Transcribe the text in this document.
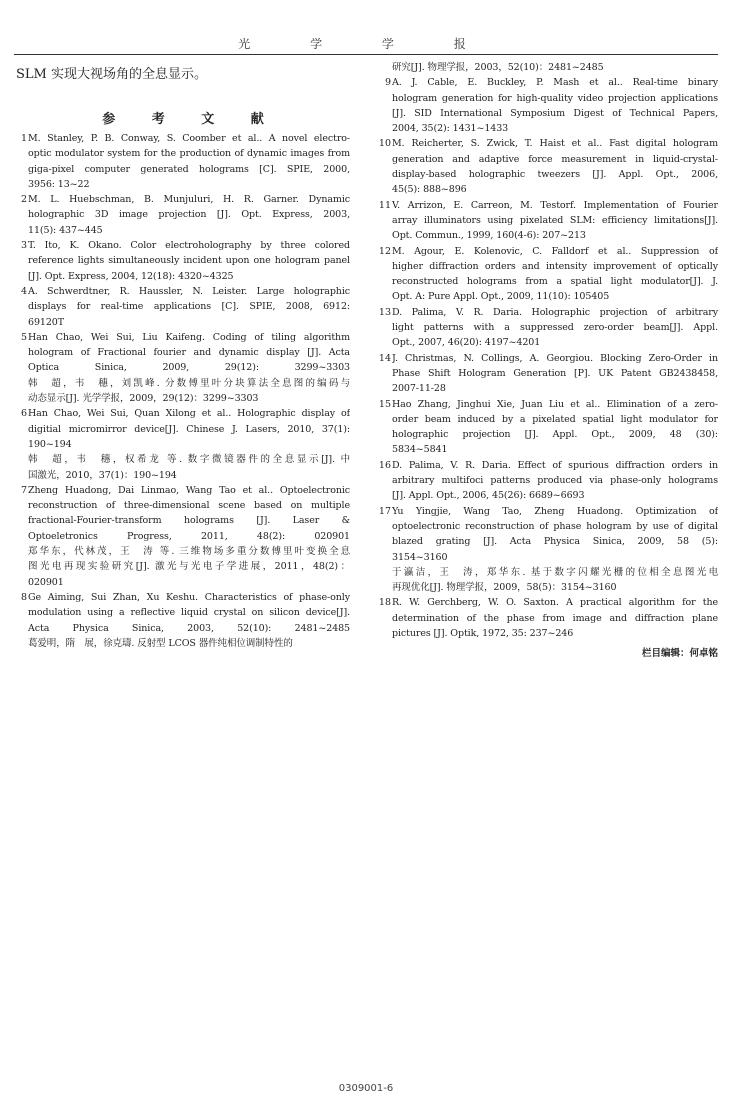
光 学 学 报
SLM 实现大视场角的全息显示。
参 考 文 献
1 M. Stanley, P. B. Conway, S. Coomber et al.. A novel electro-
optic modulator system for the production of dynamic images from
giga-pixel computer generated holograms [C]. SPIE, 2000,
3956: 13~22
2 M. L. Huebschman, B. Munjuluri, H. R. Garner. Dynamic
holographic 3D image projection [J]. Opt. Express, 2003,
11(5): 437~445
3 T. Ito, K. Okano. Color electroholography by three colored
reference lights simultaneously incident upon one hologram panel
[J]. Opt. Express, 2004, 12(18): 4320~4325
4 A. Schwerdtner, R. Haussler, N. Leister. Large holographic
displays for real-time applications [C]. SPIE, 2008, 6912:
69120T
5 Han Chao, Wei Sui, Liu Kaifeng. Coding of tiling algorithm
hologram of Fractional fourier and dynamic display [J]. Acta
Optica Sinica, 2009, 29(12): 3299~3303
韩　超，韦　穗，刘凯峰. 分数傅里叶分块算法全息图的编码与
动态显示[J]. 光学学报，2009，29(12)：3299~3303
6 Han Chao, Wei Sui, Quan Xilong et al.. Holographic display of
digitial micromirror device[J]. Chinese J. Lasers, 2010, 37(1):
190~194
韩　超，韦　穗，权希龙 等. 数字微镜器件的全息显示[J]. 中
国激光，2010，37(1)：190~194
7 Zheng Huadong, Dai Linmao, Wang Tao et al.. Optoelectronic
reconstruction of three-dimensional scene based on multiple
fractional-Fourier-transform holograms [J]. Laser &
Optoeletronics Progress, 2011, 48(2): 020901
郑华东，代林茂，王　涛 等. 三维物场多重分数傅里叶变换全息
图光电再现实验研究[J]. 激光与光电子学进展，2011，48(2)：
020901
8 Ge Aiming, Sui Zhan, Xu Keshu. Characteristics of phase-only
modulation using a reflective liquid crystal on silicon device[J].
Acta Physica Sinica, 2003, 52(10): 2481~2485
葛爱明，隋　展，徐克璹. 反射型 LCOS 器件纯相位调制特性的
研究[J]. 物理学报，2003，52(10)：2481~2485
9 A. J. Cable, E. Buckley, P. Mash et al.. Real-time binary
hologram generation for high-quality video projection applications
[J]. SID International Symposium Digest of Technical Papers,
2004, 35(2): 1431~1433
10 M. Reicherter, S. Zwick, T. Haist et al.. Fast digital hologram
generation and adaptive force measurement in liquid-crystal-
display-based holographic tweezers [J]. Appl. Opt., 2006,
45(5): 888~896
11 V. Arrizon, E. Carreon, M. Testorf. Implementation of Fourier
array illuminators using pixelated SLM: efficiency limitations[J].
Opt. Commun., 1999, 160(4-6): 207~213
12 M. Agour, E. Kolenovic, C. Falldorf et al.. Suppression of
higher diffraction orders and intensity improvement of optically
reconstructed holograms from a spatial light modulator[J]. J.
Opt. A: Pure Appl. Opt., 2009, 11(10): 105405
13 D. Palima, V. R. Daria. Holographic projection of arbitrary
light patterns with a suppressed zero-order beam[J]. Appl.
Opt., 2007, 46(20): 4197~4201
14 J. Christmas, N. Collings, A. Georgiou. Blocking Zero-Order in
Phase Shift Hologram Generation [P]. UK Patent GB2438458,
2007-11-28
15 Hao Zhang, Jinghui Xie, Juan Liu et al.. Elimination of a zero-
order beam induced by a pixelated spatial light modulator for
holographic projection [J]. Appl. Opt., 2009, 48 (30):
5834~5841
16 D. Palima, V. R. Daria. Effect of spurious diffraction orders in
arbitrary multifoci patterns produced via phase-only holograms
[J]. Appl. Opt., 2006, 45(26): 6689~6693
17 Yu Yingjie, Wang Tao, Zheng Huadong. Optimization of
optoelectronic reconstruction of phase hologram by use of digital
blazed grating [J]. Acta Physica Sinica, 2009, 58 (5):
3154~3160
于瀛洁，王　涛，郑华东. 基于数字闪耀光栅的位相全息图光电
再现优化[J]. 物理学报，2009，58(5)：3154~3160
18 R. W. Gerchberg, W. O. Saxton. A practical algorithm for the
determination of the phase from image and diffraction plane
pictures [J]. Optik, 1972, 35: 237~246
栏目编辑：何卓铭
0309001-6
